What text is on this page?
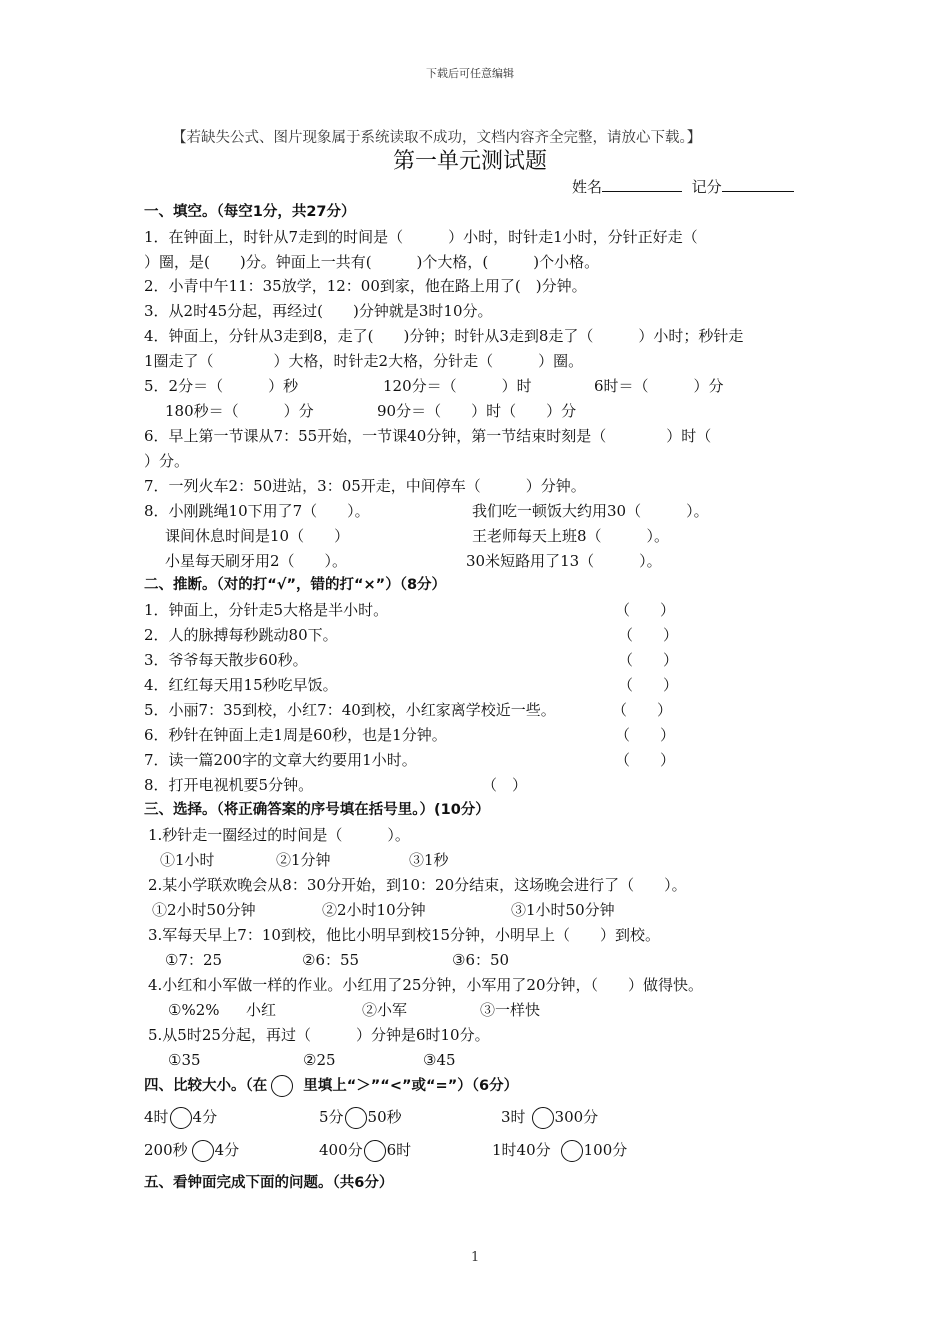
下载后可任意编辑
【若缺失公式、图片现象属于系统读取不成功，文档内容齐全完整，请放心下载。】
第一单元测试题
姓名	记分
一、填空。（每空1分，共27分）
1．在钟面上，时针从7走到的时间是（　　　）小时，时针走1小时，分针正好走（
）圈，是(　　)分。钟面上一共有(　　　)个大格，(　　　)个小格。
2．小青中午11：35放学，12：00到家，他在路上用了(　)分钟。
3．从2时45分起，再经过(　　)分钟就是3时10分。
4．钟面上，分针从3走到8，走了(　　)分钟；时针从3走到8走了（　　　）小时；秒针走
1圈走了（　　　　）大格，时针走2大格，分针走（　　　）圈。
5．2分＝（　　　）秒	120分＝（　　　）时	6时＝（　　　）分
180秒＝（　　　）分	90分＝（　　）时（　　）分
6．早上第一节课从7：55开始，一节课40分钟，第一节结束时刻是（　　　　）时（
）分。
7．一列火车2：50进站，3：05开走，中间停车（　　　）分钟。
8．小刚跳绳10下用了7（　　）。	我们吃一顿饭大约用30（　　　）。
课间休息时间是10（　　）	王老师每天上班8（　　　）。
小星每天刷牙用2（　　）。	30米短路用了13（　　　）。
二、推断。（对的打“√”，错的打“×”）（8分）
1．钟面上，分针走5大格是半小时。	（　　）
2．人的脉搏每秒跳动80下。	（　　）
3．爷爷每天散步60秒。	（　　）
4．红红每天用15秒吃早饭。	（　　）
5．小丽7：35到校，小红7：40到校，小红家离学校近一些。	（　　）
6．秒针在钟面上走1周是60秒，也是1分钟。	（　　）
7．读一篇200字的文章大约要用1小时。	（　　）
8．打开电视机要5分钟。	（　）
三、选择。（将正确答案的序号填在括号里。）(10分）
1.秒针走一圈经过的时间是（　　　）。
①1小时	②1分钟	③1秒
2.某小学联欢晚会从8：30分开始，到10：20分结束，这场晚会进行了（　　）。
①2小时50分钟	②2小时10分钟	③1小时50分钟
3.军每天早上7：10到校，他比小明早到校15分钟，小明早上（　　）到校。
①7：25	②6：55	③6：50
4.小红和小军做一样的作业。小红用了25分钟，小军用了20分钟，（　　）做得快。
①%2% 小红	②小军	③一样快
5.从5时25分起，再过（　　　）分钟是6时10分。
①35	②25	③45
四、比较大小。（在 里填上“＞”“<”或“=”）（6分）
4时 4分	5分 50秒	3时 300分
200秒 4分	400分 6时	1时40分 100分
五、看钟面完成下面的问题。（共6分）
1
